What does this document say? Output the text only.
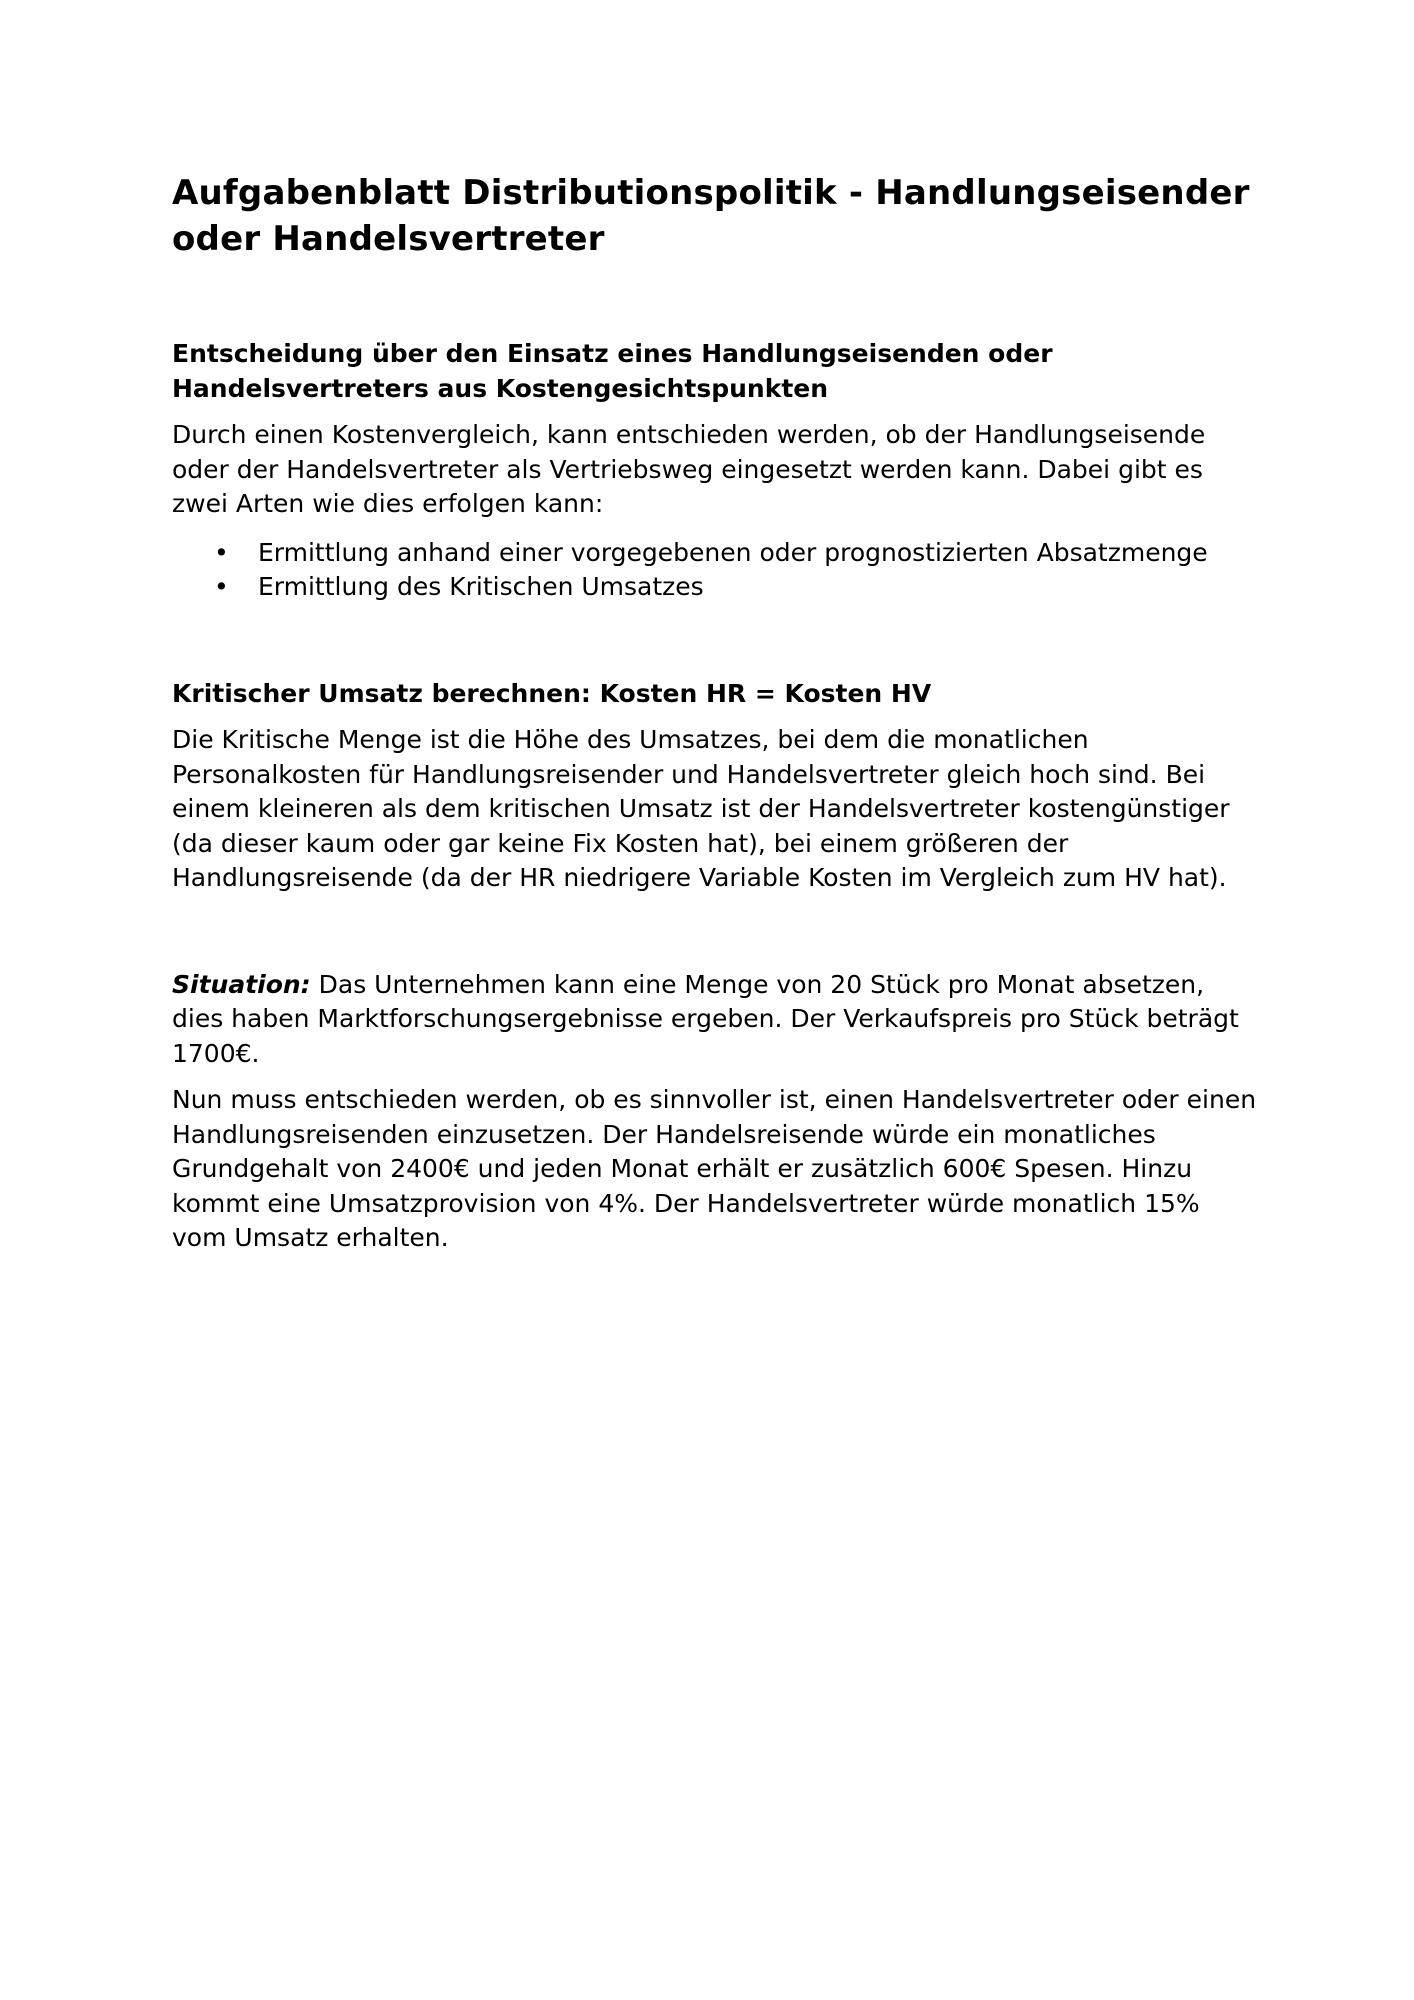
Aufgabenblatt Distributionspolitik - Handlungseisender oder Handelsvertreter
Entscheidung über den Einsatz eines Handlungseisenden oder Handelsvertreters aus Kostengesichtspunkten

Durch einen Kostenvergleich, kann entschieden werden, ob der Handlungseisende oder der Handelsvertreter als Vertriebsweg eingesetzt werden kann. Dabei gibt es zwei Arten wie dies erfolgen kann:

• Ermittlung anhand einer vorgegebenen oder prognostizierten Absatzmenge
• Ermittlung des Kritischen Umsatzes
Kritischer Umsatz berechnen: Kosten HR = Kosten HV

Die Kritische Menge ist die Höhe des Umsatzes, bei dem die monatlichen Personalkosten für Handlungsreisender und Handelsvertreter gleich hoch sind. Bei einem kleineren als dem kritischen Umsatz ist der Handelsvertreter kostengünstiger (da dieser kaum oder gar keine Fix Kosten hat), bei einem größeren der Handlungsreisende (da der HR niedrigere Variable Kosten im Vergleich zum HV hat).

Situation: Das Unternehmen kann eine Menge von 20 Stück pro Monat absetzen, dies haben Marktforschungsergebnisse ergeben. Der Verkaufspreis pro Stück beträgt 1700€.

Nun muss entschieden werden, ob es sinnvoller ist, einen Handelsvertreter oder einen Handlungsreisenden einzusetzen. Der Handelsreisende würde ein monatliches Grundgehalt von 2400€ und jeden Monat erhält er zusätzlich 600€ Spesen. Hinzu kommt eine Umsatzprovision von 4%. Der Handelsvertreter würde monatlich 15% vom Umsatz erhalten.
